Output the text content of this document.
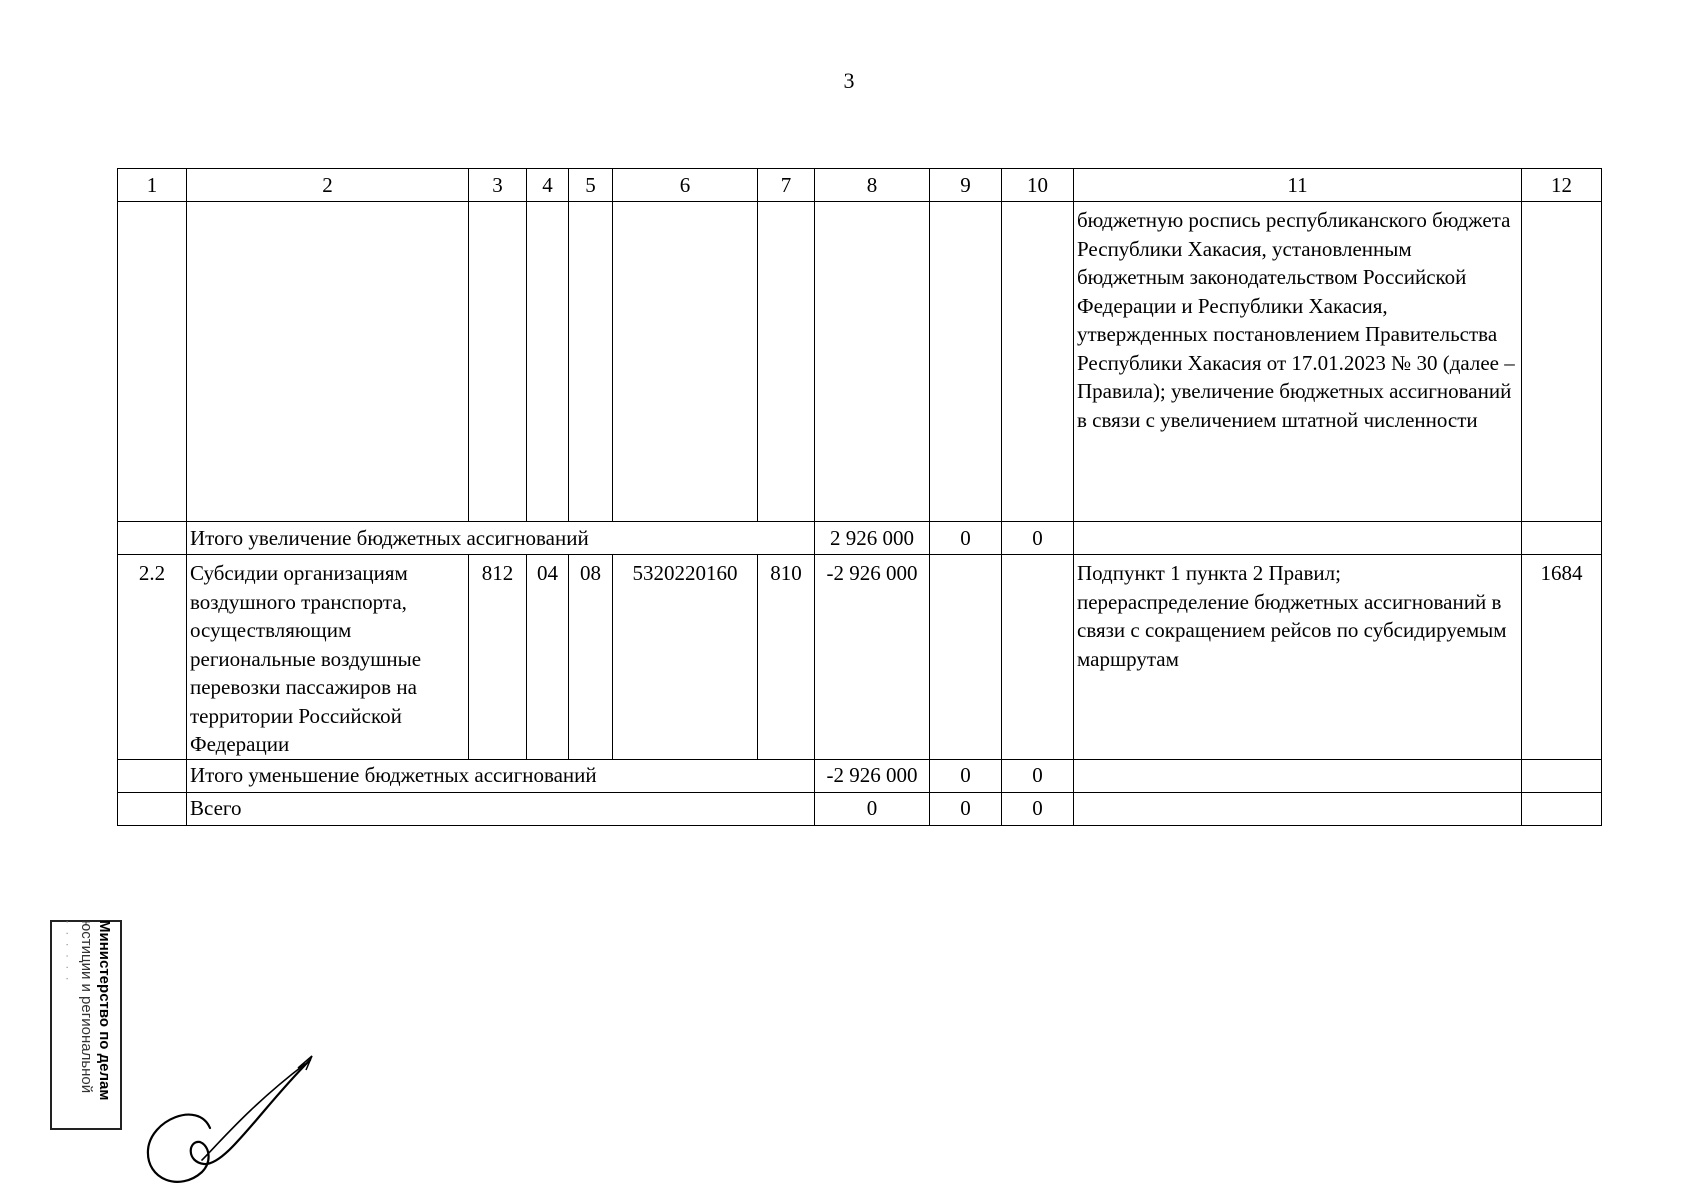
3
1	2	3	4	5	6	7	8	9	10	11	12
										бюджетную роспись республиканского бюджета Республики Хакасия, установленным бюджетным законодательством Российской Федерации и Республики Хакасия, утвержденных постановлением Правительства Республики Хакасия от 17.01.2023 № 30 (далее – Правила); увеличение бюджетных ассигнований в связи с увеличением штатной численности	
	Итого увеличение бюджетных ассигнований						2 926 000	0	0		
2.2	Субсидии организациям воздушного транспорта, осуществляющим региональные воздушные перевозки пассажиров на территории Российской Федерации	812	04	08	5320220160	810	-2 926 000			Подпункт 1 пункта 2 Правил; перераспределение бюджетных ассигнований в связи с сокращением рейсов по субсидируемым маршрутам	1684
	Итого уменьшение бюджетных ассигнований						-2 926 000	0	0		
	Всего						0	0	0		
Министерство по делам
юстиции и региональной
· · · · · ·
